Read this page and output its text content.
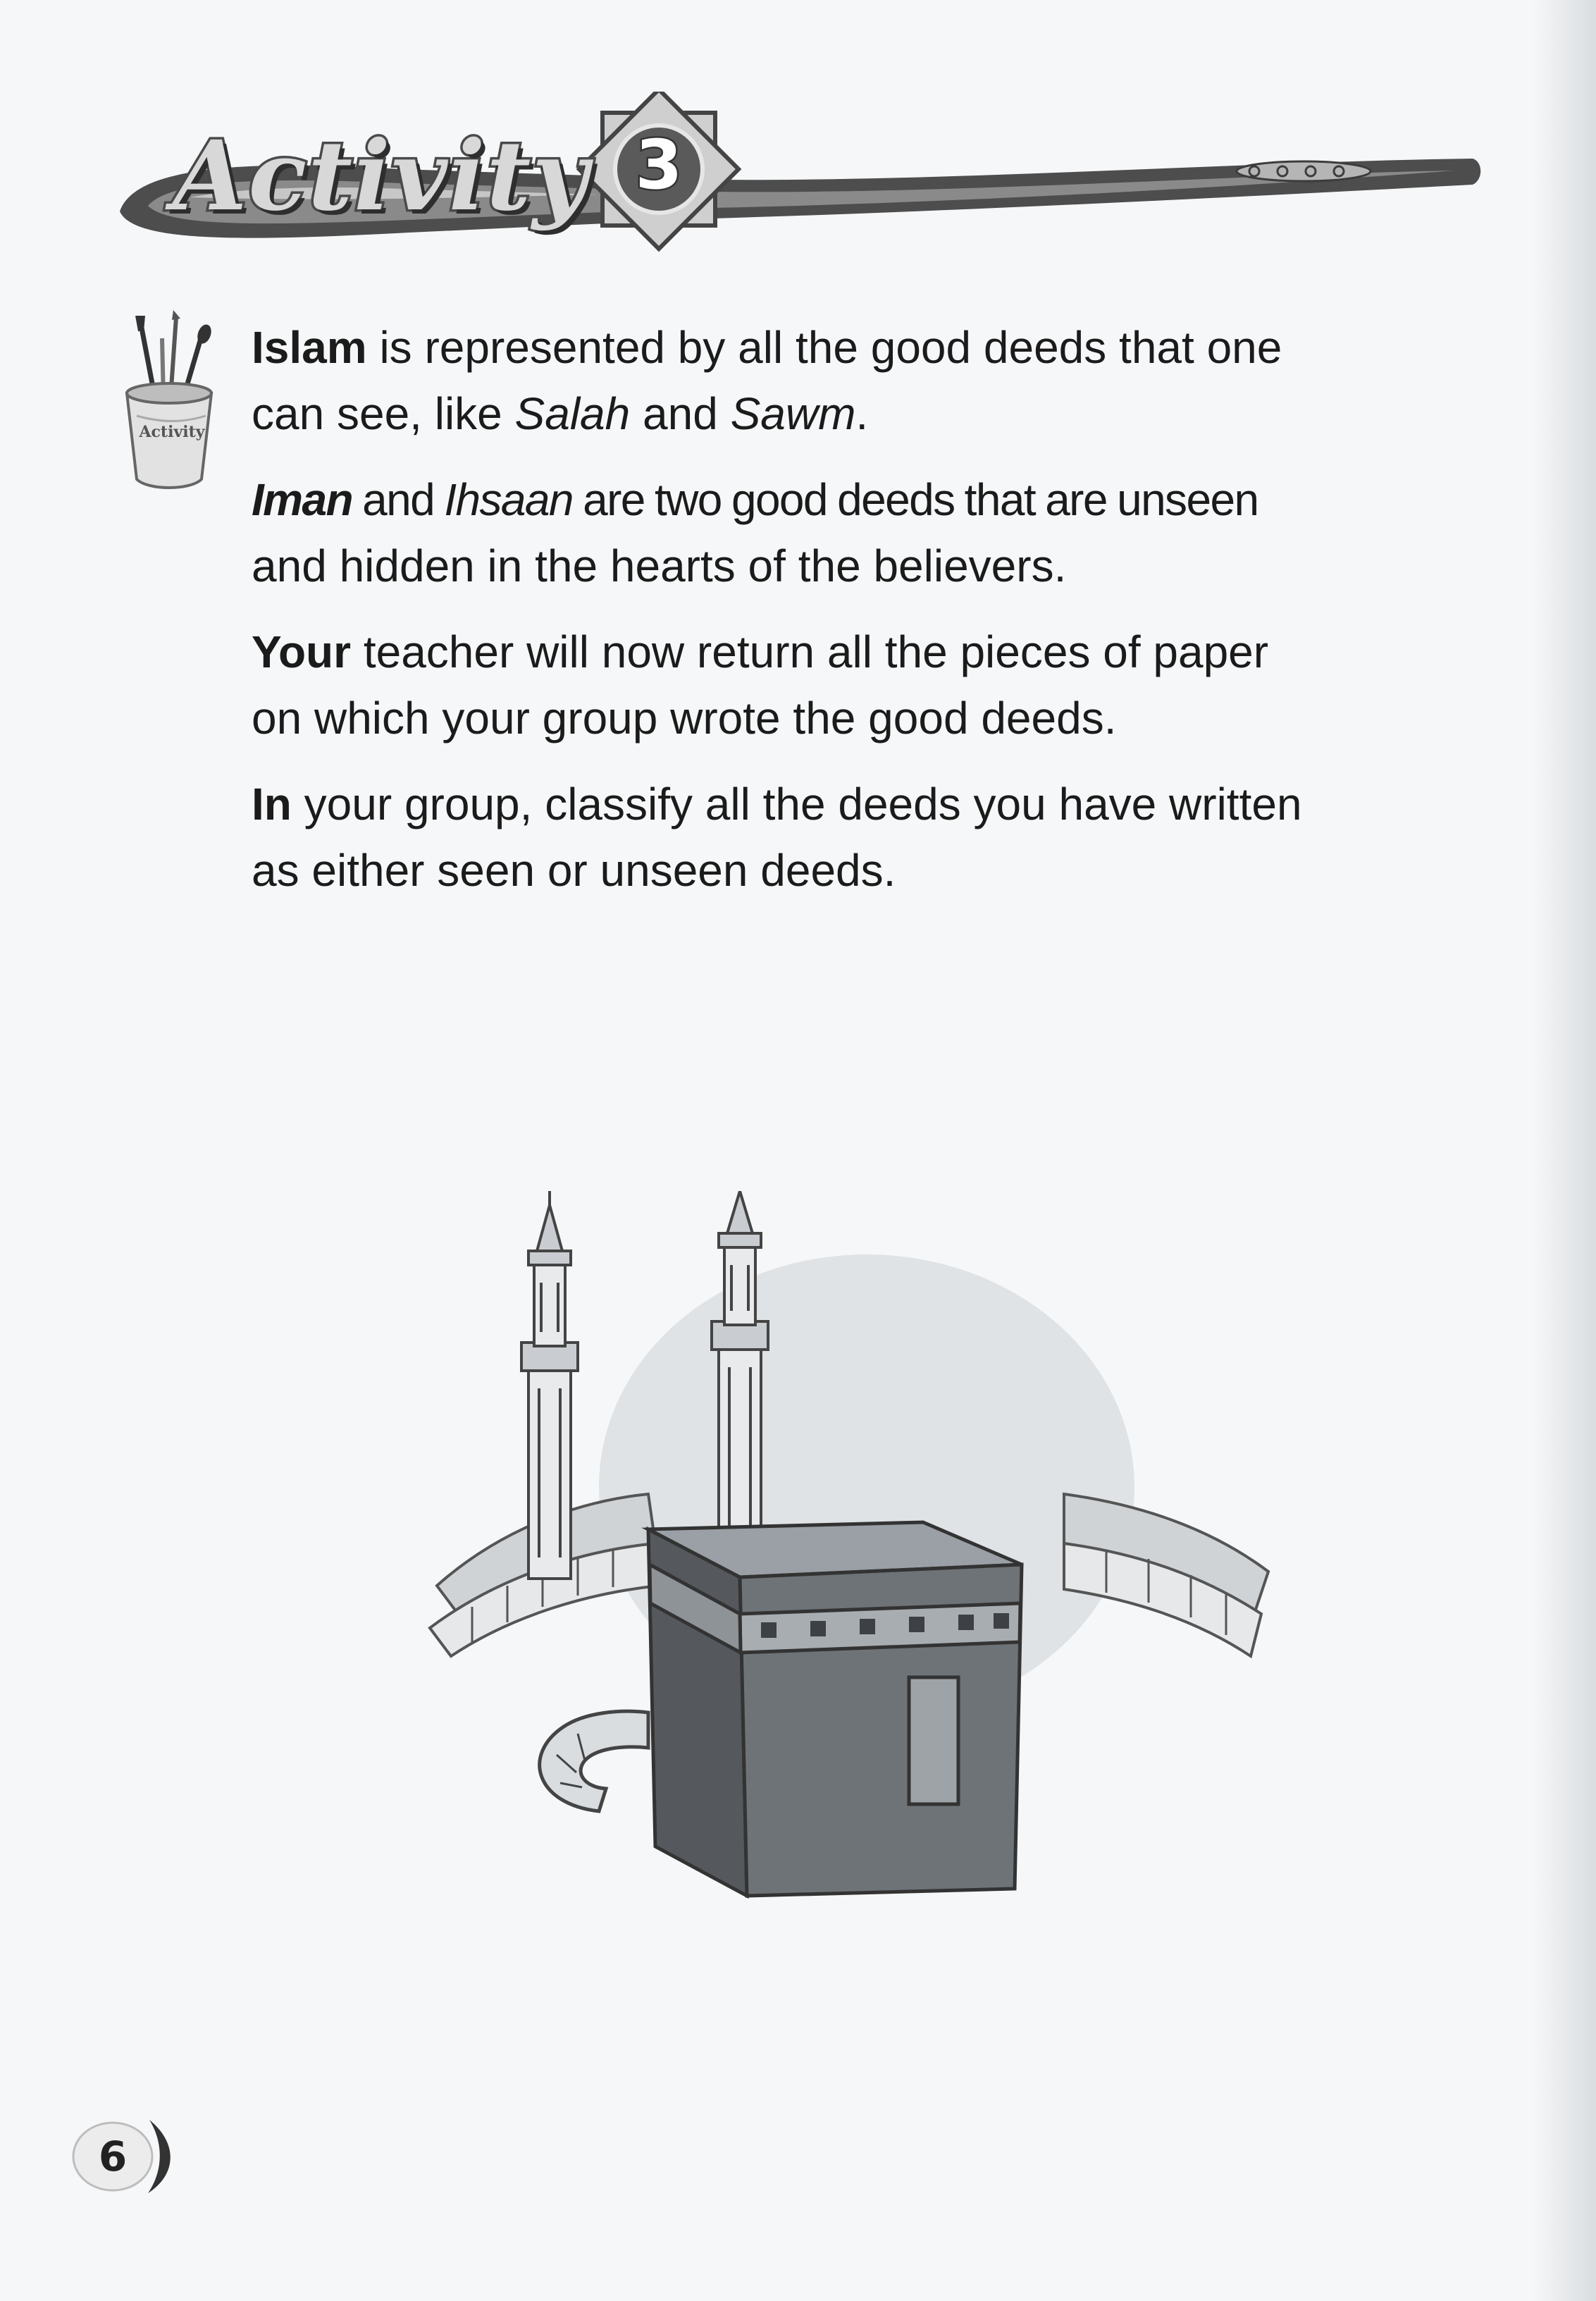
Activity 3
Activity

Islam is represented by all the good deeds that one
can see, like Salah and Sawm.

Iman and Ihsaan are two good deeds that are unseen
and hidden in the hearts of the believers.

Your teacher will now return all the pieces of paper
on which your group wrote the good deeds.

In your group, classify all the deeds you have written
as either seen or unseen deeds.

6
